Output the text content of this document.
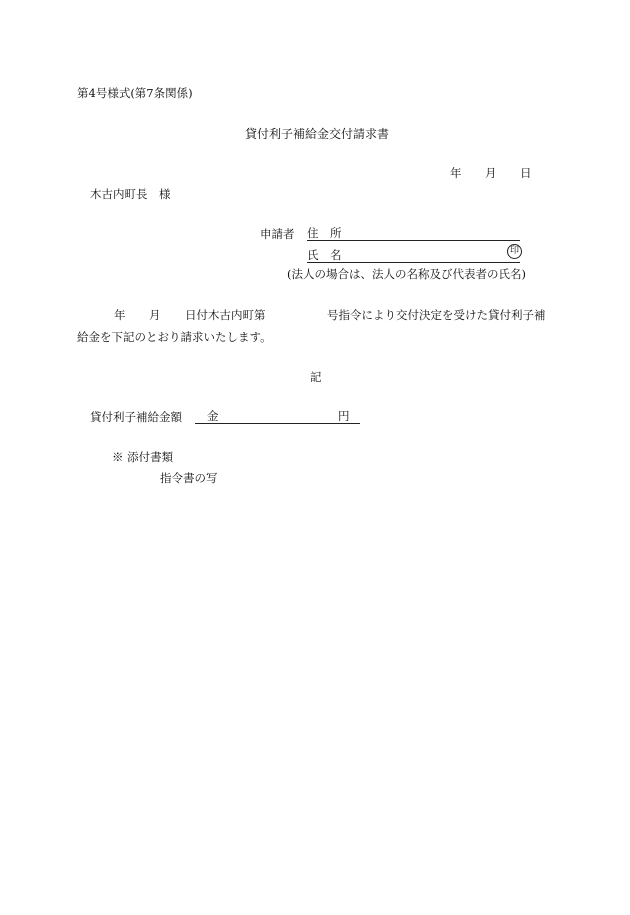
第4号様式(第7条関係)
貸付利子補給金交付請求書
年 月 日
木古内町長　様
申請者 住　所
氏　名	印
(法人の場合は、法人の名称及び代表者の氏名)
年 月 日付木古内町第	号指令により交付決定を受けた貸付利子補
給金を下記のとおり請求いたします。
記
貸付利子補給金額 金	円
※ 添付書類
指令書の写
